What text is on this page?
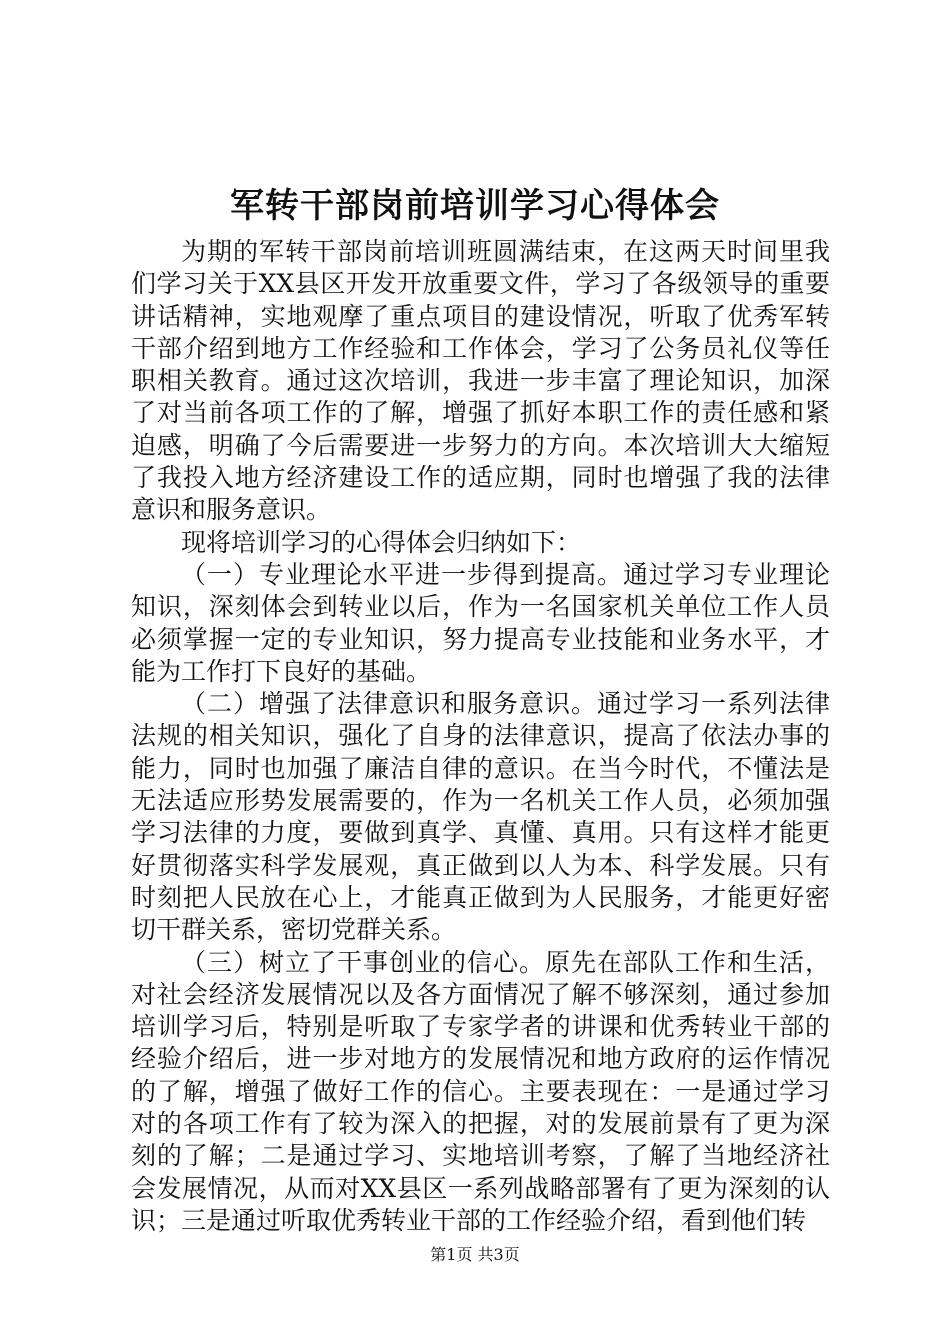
军转干部岗前培训学习心得体会

为期的军转干部岗前培训班圆满结束，在这两天时间里我们学习关于XX县区开发开放重要文件，学习了各级领导的重要讲话精神，实地观摩了重点项目的建设情况，听取了优秀军转干部介绍到地方工作经验和工作体会，学习了公务员礼仪等任职相关教育。通过这次培训，我进一步丰富了理论知识，加深了对当前各项工作的了解，增强了抓好本职工作的责任感和紧迫感，明确了今后需要进一步努力的方向。本次培训大大缩短了我投入地方经济建设工作的适应期，同时也增强了我的法律意识和服务意识。

现将培训学习的心得体会归纳如下：

（一）专业理论水平进一步得到提高。通过学习专业理论知识，深刻体会到转业以后，作为一名国家机关单位工作人员必须掌握一定的专业知识，努力提高专业技能和业务水平，才能为工作打下良好的基础。

（二）增强了法律意识和服务意识。通过学习一系列法律法规的相关知识，强化了自身的法律意识，提高了依法办事的能力，同时也加强了廉洁自律的意识。在当今时代，不懂法是无法适应形势发展需要的，作为一名机关工作人员，必须加强学习法律的力度，要做到真学、真懂、真用。只有这样才能更好贯彻落实科学发展观，真正做到以人为本、科学发展。只有时刻把人民放在心上，才能真正做到为人民服务，才能更好密切干群关系，密切党群关系。

（三）树立了干事创业的信心。原先在部队工作和生活，对社会经济发展情况以及各方面情况了解不够深刻，通过参加培训学习后，特别是听取了专家学者的讲课和优秀转业干部的经验介绍后，进一步对地方的发展情况和地方政府的运作情况的了解，增强了做好工作的信心。主要表现在：一是通过学习对的各项工作有了较为深入的把握，对的发展前景有了更为深刻的了解；二是通过学习、实地培训考察，了解了当地经济社会发展情况，从而对XX县区一系列战略部署有了更为深刻的认识；三是通过听取优秀转业干部的工作经验介绍，看到他们转

第1页 共3页
